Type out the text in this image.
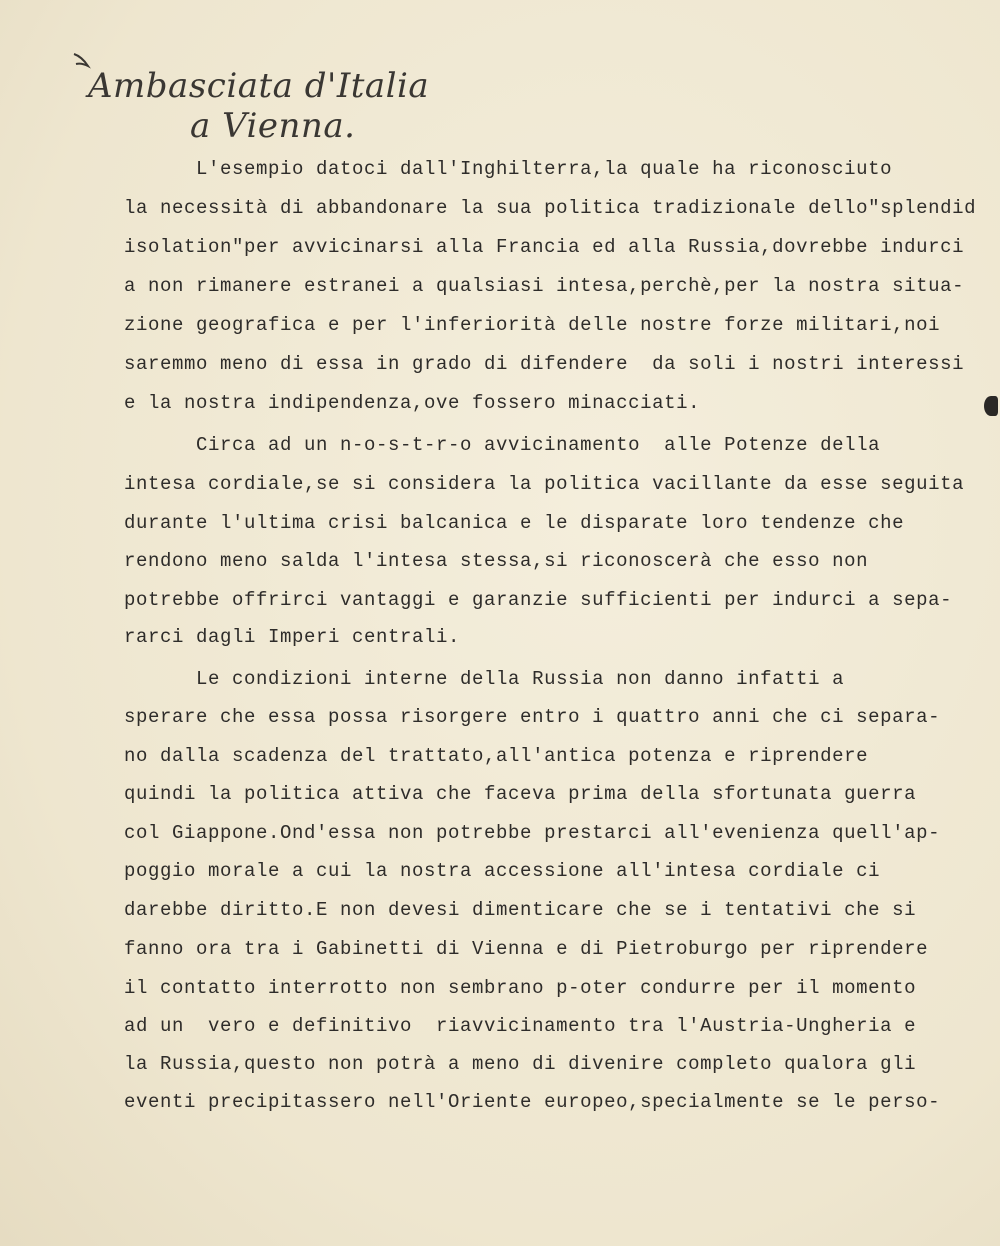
Ambasciata d'Italia
a Vienna.
L'esempio datoci dall'Inghilterra,la quale ha riconosciuto
la necessità di abbandonare la sua politica tradizionale dello"splendid
isolation"per avvicinarsi alla Francia ed alla Russia,dovrebbe indurci
a non rimanere estranei a qualsiasi intesa,perchè,per la nostra situa-
zione geografica e per l'inferiorità delle nostre forze militari,noi
saremmo meno di essa in grado di difendere  da soli i nostri interessi
e la nostra indipendenza,ove fossero minacciati.
Circa ad un n-o-s-t-r-o avvicinamento  alle Potenze della
intesa cordiale,se si considera la politica vacillante da esse seguita
durante l'ultima crisi balcanica e le disparate loro tendenze che
rendono meno salda l'intesa stessa,si riconoscerà che esso non
potrebbe offrirci vantaggi e garanzie sufficienti per indurci a sepa-
rarci dagli Imperi centrali.
Le condizioni interne della Russia non danno infatti a
sperare che essa possa risorgere entro i quattro anni che ci separa-
no dalla scadenza del trattato,all'antica potenza e riprendere
quindi la politica attiva che faceva prima della sfortunata guerra
col Giappone.Ond'essa non potrebbe prestarci all'evenienza quell'ap-
poggio morale a cui la nostra accessione all'intesa cordiale ci
darebbe diritto.E non devesi dimenticare che se i tentativi che si
fanno ora tra i Gabinetti di Vienna e di Pietroburgo per riprendere
il contatto interrotto non sembrano p-oter condurre per il momento
ad un  vero e definitivo  riavvicinamento tra l'Austria-Ungheria e
la Russia,questo non potrà a meno di divenire completo qualora gli
eventi precipitassero nell'Oriente europeo,specialmente se le perso-
